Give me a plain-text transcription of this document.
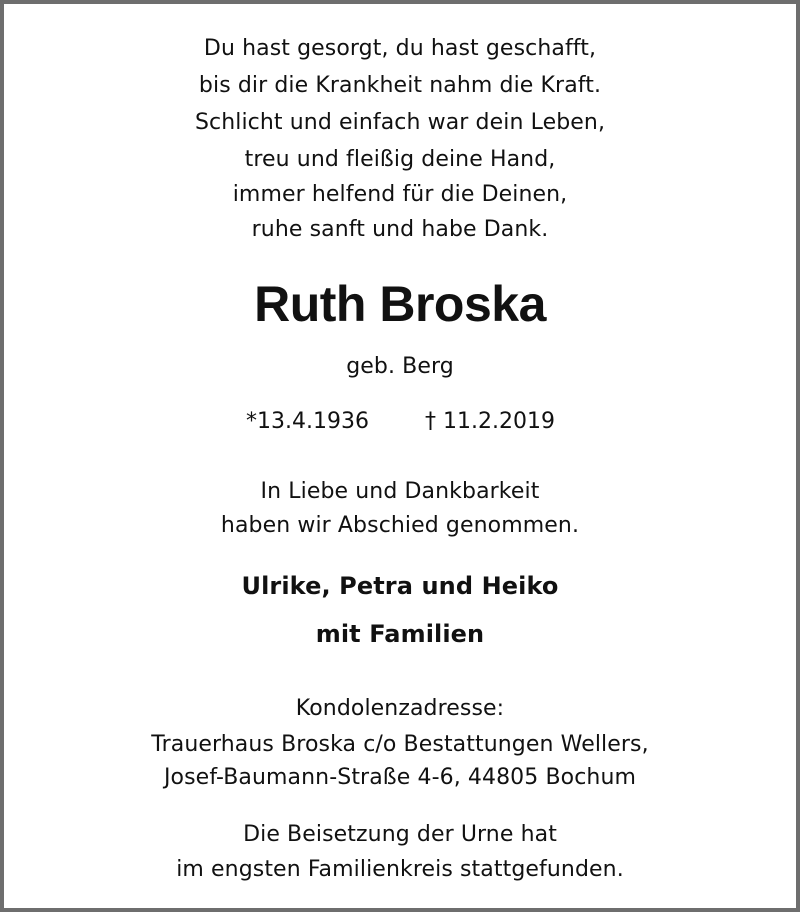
Du hast gesorgt, du hast geschafft,

bis dir die Krankheit nahm die Kraft.

Schlicht und einfach war dein Leben,

treu und fleißig deine Hand,

immer helfend für die Deinen,

ruhe sanft und habe Dank.

Ruth Broska

geb. Berg

*13.4.1936	† 11.2.2019

In Liebe und Dankbarkeit

haben wir Abschied genommen.

Ulrike, Petra und Heiko

mit Familien

Kondolenzadresse:

Trauerhaus Broska c/o Bestattungen Wellers,

Josef-Baumann-Straße 4-6, 44805 Bochum

Die Beisetzung der Urne hat

im engsten Familienkreis stattgefunden.
